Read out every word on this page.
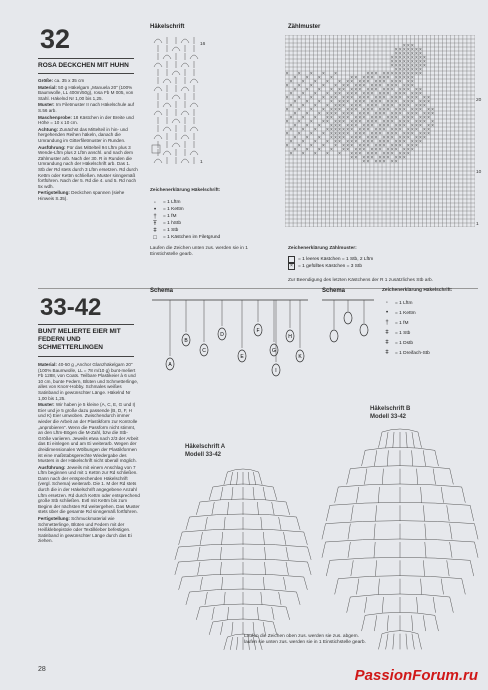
32
ROSA DECKCHEN MIT HUHN

Größe: ca. 35 x 35 cm

Material: 50 g Häkelgarn „Manuela 20“ (100% Baumwolle, LL 400m/50g), rosa Fb M 005, von Stahl. Häkelnd Nr 1,00 bis 1,25.

Muster: Im Filetmuster II nach Häkelschule auf S.56 arb.

Maschenprobe: 18 Kästchen in der Breite und Höhe = 10 x 10 cm.

Achtung: Zunächst das Mittelteil in hin- und hergehenden Reihen häkeln, danach die Umrandung im Gitterfiletmuster in Runden.

Ausführung: Für das Mittelteil 94 Lftm plus 3 Wende-Lftm plus 2 Lftm anschl. und nach dem Zählmuster arb. Nach der 30. R in Runden die Umrandung nach der Häkelschrift arb. Das 1. Stb der Rd stets durch 3 Lftm ersetzen. Rd durch Kettm oder Kettm schließen. Muster sinngemäß fortführen. Nach der 5. Rd die 4. und 5. Rd noch 5x wdh.

Fertigstellung: Deckchen spannen (siehe Hinweis S.35).

Häkelschrift
16
1
Zeichenerklärung Häkelschrift:
◦	= 1 Lftm
•	= 1 Kettm
†	= 1 fM
Ŧ	= 1 hStb
ǂ	= 1 Stb
□	= 1 Kästchen im Filetgrund
Laufen die Zeichen unten zus. werden sie in 1 Einstichstelle gearb.
Zählmuster
× × ×
× × × × × × ×
× × × × × × ×
× × × × × × × × ×
× × × × × × × × ×
× × × × × × × × ×
× × × × × × ×
× × × × ×	× × × × × × × × × × × × ×
× × × ×	× × × × × × × × × × × × ×
× × × × × × × × × × × × × × × × × ×
× × × × × × × × × × × × × × × × × × ×
× × × × × × × × × × × × × × × × × × × ×
× × × × × × × × × × × × × × × × × × × × ×
× × × × × × × × × × × × × × × × × × × × × × ×
× × × × × × × × × × × × × × × × × × × × × ×
× × × × × × × × × × × × × × × × × × × × × ×
× × × × × × × × × × × × × × × × × × × × × × × ×
× × × × × × × × × × × × × × × × × × × × × × × ×
× × × × × × × × × × × × × × × × × × × × × × ×
× × × × × × × × × × × × × × × × × × × × × × × ×
× × × × × × × × × × × × × × × × × × × × × × ×
× × × × × × × × × × × × × × × × × × × × × × × ×
× × × × × × × × × × × × × × × × × × × × × × × ×
× × × × × × × × × × × × × × × × × × × × × ×
× × × × × × × × × × × × × × × × × × × × ×
× × × × × × × × × × × × × × × × × × × ×
× × × × × × × × × × × × × × × × × ×
× × × × × × × × × × × × × × × × ×
× × × × × × × × × × ×
× × × × × × ×
20
10
1
Zeichenerklärung Zählmuster:
= 1 leeres Kästchen = 1 Stb, 2 Lftm
×	= 1 gefülltes Kästchen = 3 Stb
Zur Beendigung des letzten Kästchens der R 1 zusätzliches Stb arb.
33-42
BUNT MELIERTE EIER MIT FEDERN UND SCHMETTERLINGEN

Material: 40-50 g „Anchor Glanzhäkelgarn 20“ (100% Baumwolle, LL = 78 m/10 g) bunt-meliert Fb 1288, von Coats. Teilbare Plastikeier à 6 und 10 cm, bunte Federn, Blüten und Schmetterlinge, alles von Knorr-Hobby. Schmales weißes Satinband in gewünschter Länge. Häkelnd Nr 1,00 bis 1,25.

Muster: Wir haben je 5 kleine (A, C, E, G und I) Eier und je 5 große dazu passende (B, D, F, H und K) Eier umwoben. Zwischendurch immer wieder die Arbeit an der Plastikform zur Kontrolle „anprobieren“. Wenn die Passform nicht stimmt, an den Lftm-Bögen die M-Zahl, bzw die Stb-Größe variieren. Jeweils etwa nach 2/3 der Arbeit das Ei einlegen und am Ei weiterarb. Wegen der dreidimensionalen Wölbungen der Plastikformen ist eine maßstabsgerechte Wiedergabe des Musters in der Häkelschrift nicht überall möglich.

Ausführung: Jeweils mit einem Anschlag von 7 Lftm beginnen und mit 1 Kettm zur Rd schließen. Dann nach der entsprechenden Häkelschrift (vergl. Schema) weiterarb. Die 1. M der Rd stets durch die in der Häkelschrift angegebene Anzahl Lftm ersetzen. Rd durch Kettm oder entsprechend große Stb schließen. Evtl mit Kettm bis zum Beginn der nächsten Rd weitergehen. Das Muster stets über die gesamte Rd sinngemäß fortführen.

Fertigstellung: Schmuckmaterial wie Schmetterlinge, Blüten und Federn mit der Heißklebepistole oder Textilkleber befestigen. Satinband in gewünschter Länge durch das Ei ziehen.

Schema
A
B
C
D
E
F
G
H
I
K
Schema	Zeichenerklärung Häkelschrift:
◦	= 1 Lftm
•	= 1 Kettm
†	= 1 fM
ǂ	= 1 Stb
ǂ	= 1 Dstb
ǂ	= 1 Dreifach-Stb
Häkelschrift A
Modell 33-42
Häkelschrift B
Modell 33-42
Laufen die Zeichen oben zus. werden sie zus. abgem. laufen sie unten zus. werden sie in 1 Einstichstelle gearb.
28	PassionForum.ru
